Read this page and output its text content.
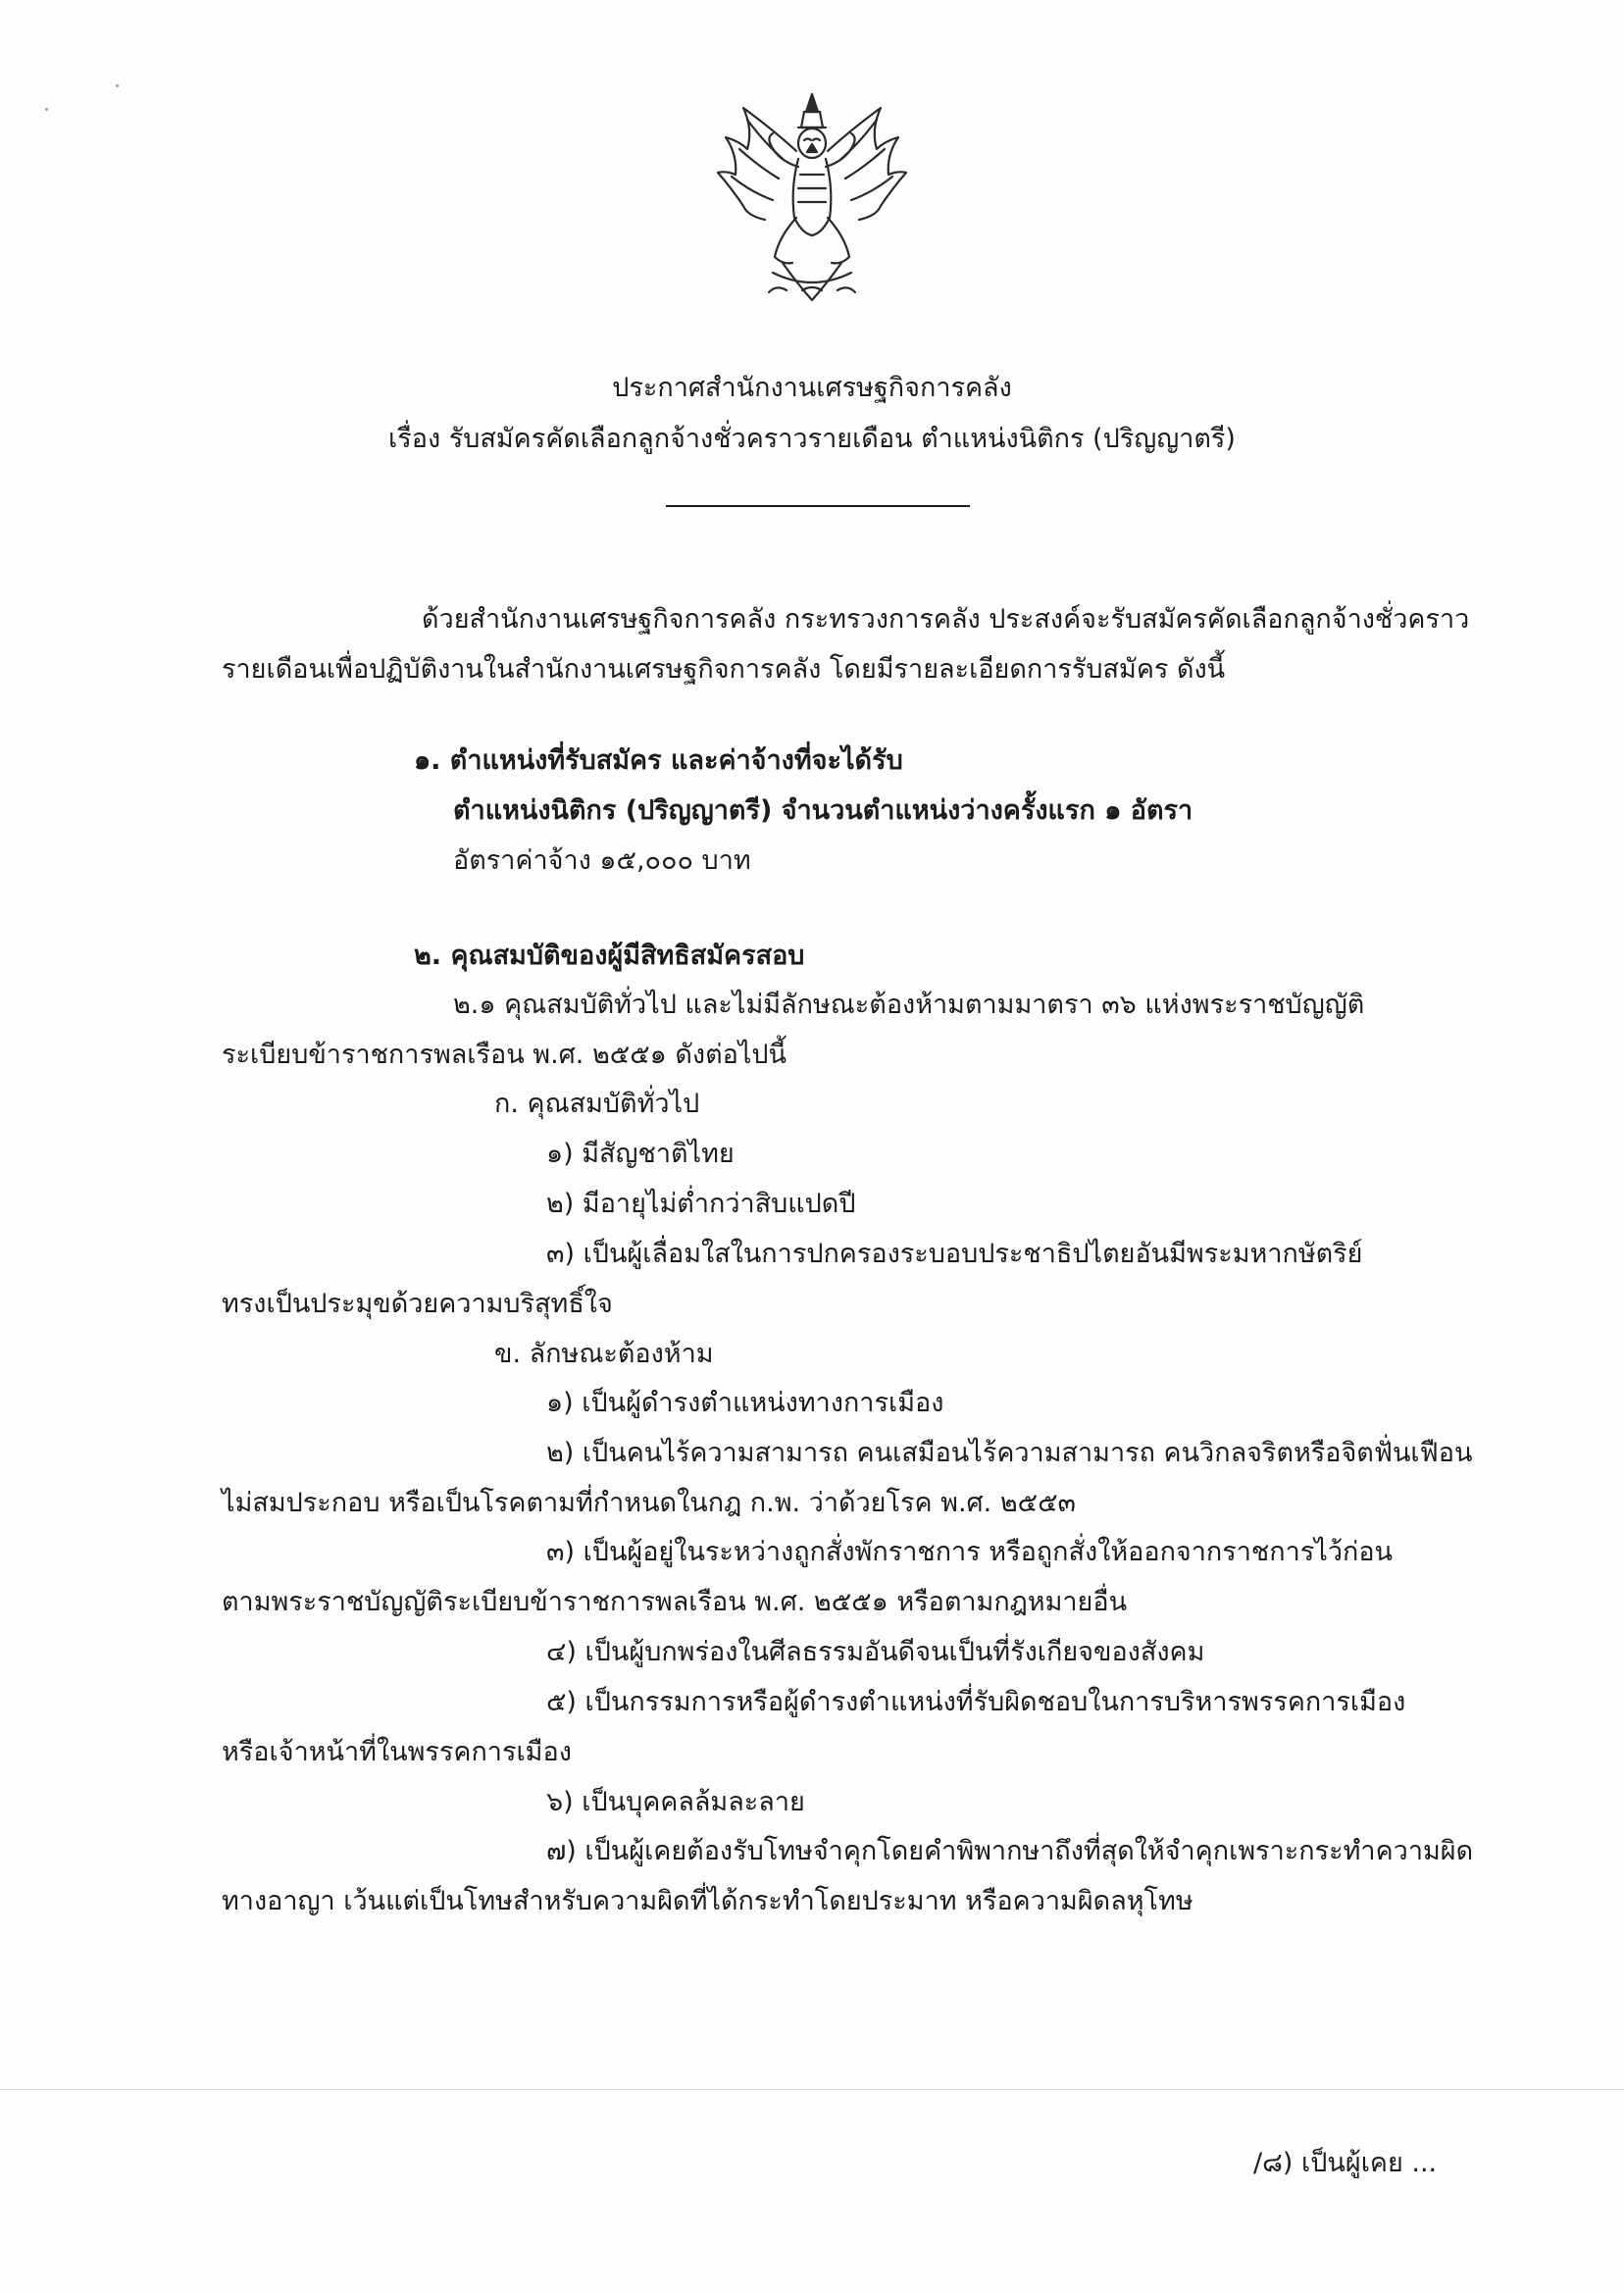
ประกาศสำนักงานเศรษฐกิจการคลัง
เรื่อง รับสมัครคัดเลือกลูกจ้างชั่วคราวรายเดือน ตำแหน่งนิติกร (ปริญญาตรี)
ด้วยสำนักงานเศรษฐกิจการคลัง กระทรวงการคลัง ประสงค์จะรับสมัครคัดเลือกลูกจ้างชั่วคราว
รายเดือนเพื่อปฏิบัติงานในสำนักงานเศรษฐกิจการคลัง โดยมีรายละเอียดการรับสมัคร ดังนี้
๑. ตำแหน่งที่รับสมัคร และค่าจ้างที่จะได้รับ
ตำแหน่งนิติกร (ปริญญาตรี) จำนวนตำแหน่งว่างครั้งแรก ๑ อัตรา
อัตราค่าจ้าง ๑๕,๐๐๐ บาท
๒. คุณสมบัติของผู้มีสิทธิสมัครสอบ
๒.๑ คุณสมบัติทั่วไป และไม่มีลักษณะต้องห้ามตามมาตรา ๓๖ แห่งพระราชบัญญัติ
ระเบียบข้าราชการพลเรือน พ.ศ. ๒๕๕๑ ดังต่อไปนี้
ก. คุณสมบัติทั่วไป
๑) มีสัญชาติไทย
๒) มีอายุไม่ต่ำกว่าสิบแปดปี
๓) เป็นผู้เลื่อมใสในการปกครองระบอบประชาธิปไตยอันมีพระมหากษัตริย์
ทรงเป็นประมุขด้วยความบริสุทธิ์ใจ
ข. ลักษณะต้องห้าม
๑) เป็นผู้ดำรงตำแหน่งทางการเมือง
๒) เป็นคนไร้ความสามารถ คนเสมือนไร้ความสามารถ คนวิกลจริตหรือจิตฟั่นเฟือน
ไม่สมประกอบ หรือเป็นโรคตามที่กำหนดในกฎ ก.พ. ว่าด้วยโรค พ.ศ. ๒๕๕๓
๓) เป็นผู้อยู่ในระหว่างถูกสั่งพักราชการ หรือถูกสั่งให้ออกจากราชการไว้ก่อน
ตามพระราชบัญญัติระเบียบข้าราชการพลเรือน พ.ศ. ๒๕๕๑ หรือตามกฎหมายอื่น
๔) เป็นผู้บกพร่องในศีลธรรมอันดีจนเป็นที่รังเกียจของสังคม
๕) เป็นกรรมการหรือผู้ดำรงตำแหน่งที่รับผิดชอบในการบริหารพรรคการเมือง
หรือเจ้าหน้าที่ในพรรคการเมือง
๖) เป็นบุคคลล้มละลาย
๗) เป็นผู้เคยต้องรับโทษจำคุกโดยคำพิพากษาถึงที่สุดให้จำคุกเพราะกระทำความผิด
ทางอาญา เว้นแต่เป็นโทษสำหรับความผิดที่ได้กระทำโดยประมาท หรือความผิดลหุโทษ
/๘) เป็นผู้เคย ...
